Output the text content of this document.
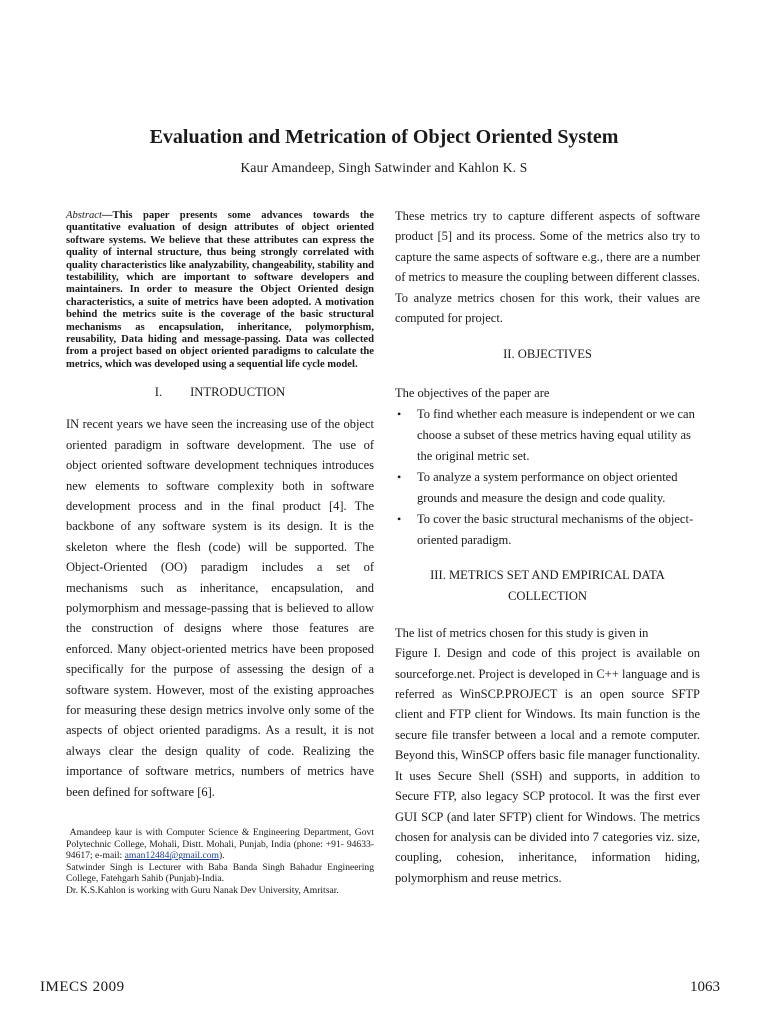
Evaluation and Metrication of Object Oriented System

Kaur Amandeep, Singh Satwinder and Kahlon K. S

Abstract—This paper presents some advances towards the quantitative evaluation of design attributes of object oriented software systems. We believe that these attributes can express the quality of internal structure, thus being strongly correlated with quality characteristics like analyzability, changeability, stability and testabilility, which are important to software developers and maintainers. In order to measure the Object Oriented design characteristics, a suite of metrics have been adopted. A motivation behind the metrics suite is the coverage of the basic structural mechanisms as encapsulation, inheritance, polymorphism, reusability, Data hiding and message-passing. Data was collected from a project based on object oriented paradigms to calculate the metrics, which was developed using a sequential life cycle model.

I. INTRODUCTION

IN recent years we have seen the increasing use of the object oriented paradigm in software development. The use of object oriented software development techniques introduces new elements to software complexity both in software development process and in the final product [4]. The backbone of any software system is its design. It is the skeleton where the flesh (code) will be supported. The Object-Oriented (OO) paradigm includes a set of mechanisms such as inheritance, encapsulation, and polymorphism and message-passing that is believed to allow the construction of designs where those features are enforced. Many object-oriented metrics have been proposed specifically for the purpose of assessing the design of a software system. However, most of the existing approaches for measuring these design metrics involve only some of the aspects of object oriented paradigms. As a result, it is not always clear the design quality of code. Realizing the importance of software metrics, numbers of metrics have been defined for software [6].

Amandeep kaur is with Computer Science & Engineering Department, Govt Polytechnic College, Mohali, Distt. Mohali, Punjab, India (phone: +91- 94633-94617; e-mail: aman12484@gmail.com).

Satwinder Singh is Lecturer with Baba Banda Singh Bahadur Engineering College, Fatehgarh Sahib (Punjab)-India.

Dr. K.S.Kahlon is working with Guru Nanak Dev University, Amritsar.

These metrics try to capture different aspects of software product [5] and its process. Some of the metrics also try to capture the same aspects of software e.g., there are a number of metrics to measure the coupling between different classes. To analyze metrics chosen for this work, their values are computed for project.

II. OBJECTIVES

The objectives of the paper are

• To find whether each measure is independent or we can choose a subset of these metrics having equal utility as the original metric set.
• To analyze a system performance on object oriented grounds and measure the design and code quality.
• To cover the basic structural mechanisms of the object-oriented paradigm.

III. METRICS SET AND EMPIRICAL DATA
COLLECTION

The list of metrics chosen for this study is given in

Figure I. Design and code of this project is available on sourceforge.net. Project is developed in C++ language and is referred as WinSCP.PROJECT is an open source SFTP client and FTP client for Windows. Its main function is the secure file transfer between a local and a remote computer. Beyond this, WinSCP offers basic file manager functionality. It uses Secure Shell (SSH) and supports, in addition to Secure FTP, also legacy SCP protocol. It was the first ever GUI SCP (and later SFTP) client for Windows. The metrics chosen for analysis can be divided into 7 categories viz. size, coupling, cohesion, inheritance, information hiding, polymorphism and reuse metrics.

IMECS 2009	1063
